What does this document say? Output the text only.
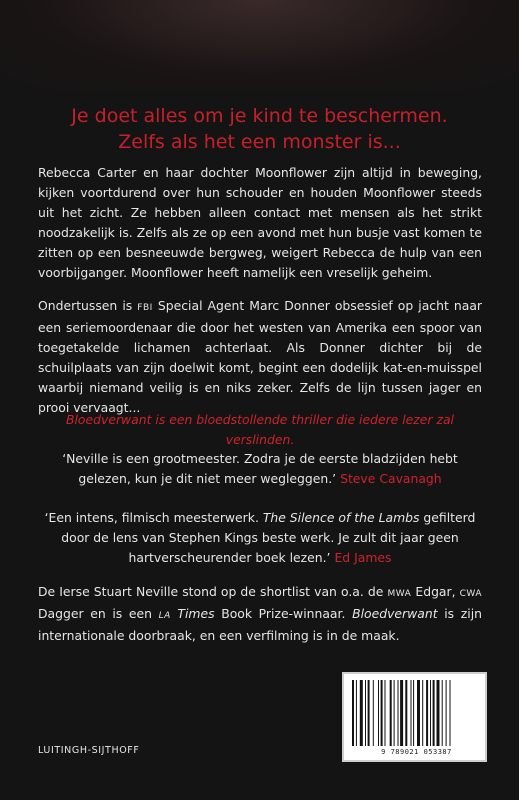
Je doet alles om je kind te beschermen.
Zelfs als het een monster is...
Rebecca Carter en haar dochter Moonflower zijn altijd in beweging, kijken voortdurend over hun schouder en houden Moonflower steeds uit het zicht. Ze hebben alleen contact met mensen als het strikt noodzakelijk is. Zelfs als ze op een avond met hun busje vast komen te zitten op een besneeuwde bergweg, weigert Rebecca de hulp van een voorbijganger. Moonflower heeft namelijk een vreselijk geheim.
Ondertussen is FBI Special Agent Marc Donner obsessief op jacht naar een seriemoordenaar die door het westen van Amerika een spoor van toegetakelde lichamen achterlaat. Als Donner dichter bij de schuilplaats van zijn doelwit komt, begint een dodelijk kat-en-muisspel waarbij niemand veilig is en niks zeker. Zelfs de lijn tussen jager en prooi vervaagt...
Bloedverwant is een bloedstollende thriller die iedere lezer zal verslinden.
‘Neville is een grootmeester. Zodra je de eerste bladzijden hebt gelezen, kun je dit niet meer wegleggen.’ Steve Cavanagh
‘Een intens, filmisch meesterwerk. The Silence of the Lambs gefilterd door de lens van Stephen Kings beste werk. Je zult dit jaar geen hartverscheurender boek lezen.’ Ed James
De Ierse Stuart Neville stond op de shortlist van o.a. de MWA Edgar, CWA Dagger en is een LA Times Book Prize-winnaar. Bloedverwant is zijn internationale doorbraak, en een verfilming is in de maak.
LUITINGH-SIJTHOFF	9 789021 053387
